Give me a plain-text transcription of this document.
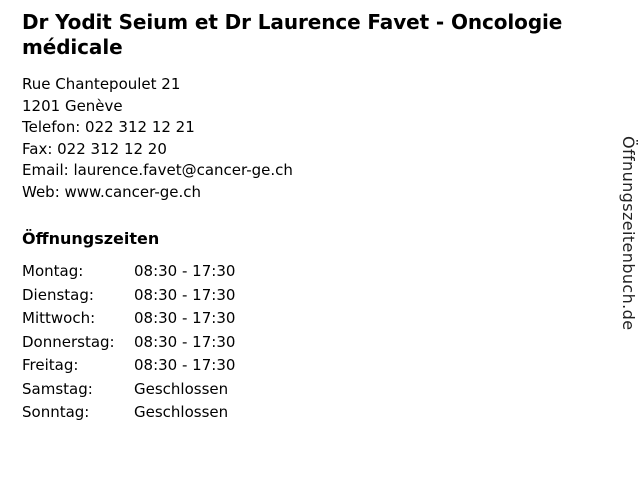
Dr Yodit Seium et Dr Laurence Favet - Oncologie médicale
Rue Chantepoulet 21
1201 Genève
Telefon: 022 312 12 21
Fax: 022 312 12 20
Email: laurence.favet@cancer-ge.ch
Web: www.cancer-ge.ch
Öffnungszeiten
Montag:	08:30 - 17:30
Dienstag:	08:30 - 17:30
Mittwoch:	08:30 - 17:30
Donnerstag:	08:30 - 17:30
Freitag:	08:30 - 17:30
Samstag:	Geschlossen
Sonntag:	Geschlossen
Öffnungszeitenbuch.de
